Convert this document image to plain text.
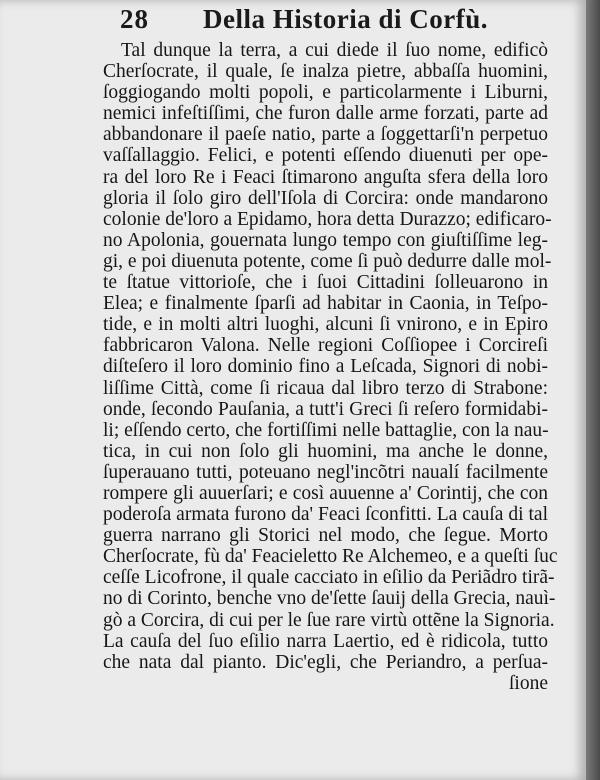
28 Della Historia di Corfù.
Tal dunque la terra, a cui diede il ſuo nome, edificò
Cherſocrate, il quale, ſe inalza pietre, abbaſſa huomini,
ſoggiogando molti popoli, e particolarmente i Liburni,
nemici infeſtiſſimi, che furon dalle arme forzati, parte ad
abbandonare il paeſe natio, parte a ſoggettarſi'n perpetuo
vaſſallaggio. Felici, e potenti eſſendo diuenuti per ope-
ra del loro Re i Feaci ſtimarono anguſta sfera della loro
gloria il ſolo giro dell'Iſola di Corcira: onde mandarono
colonie de'loro a Epidamo, hora detta Durazzo; edificaro-
no Apolonia, gouernata lungo tempo con giuſtiſſime leg-
gi, e poi diuenuta potente, come ſi può dedurre dalle mol-
te ſtatue vittorioſe, che i ſuoi Cittadini ſolleuarono in
Elea; e finalmente ſparſi ad habitar in Caonia, in Teſpo-
tide, e in molti altri luoghi, alcuni ſi vnirono, e in Epiro
fabbricaron Valona. Nelle regioni Coſſiopee i Corcireſi
diſteſero il loro dominio fino a Leſcada, Signori di nobi-
liſſime Città, come ſi ricaua dal libro terzo di Strabone:
onde, ſecondo Pauſania, a tutt'i Greci ſi reſero formidabi-
li; eſſendo certo, che fortiſſimi nelle battaglie, con la nau-
tica, in cui non ſolo gli huomini, ma anche le donne,
ſuperauano tutti, poteuano negl'incõtri naualí facilmente
rompere gli auuerſari; e così auuenne a' Corintij, che con
poderoſa armata furono da' Feaci ſconfitti. La cauſa di tal
guerra narrano gli Storici nel modo, che ſegue. Morto
Cherſocrate, fù da' Feacieletto Re Alchemeo, e a queſti ſuc
ceſſe Licofrone, il quale cacciato in eſilio da Periãdro tirã-
no di Corinto, benche vno de'ſette ſauij della Grecia, nauì-
gò a Corcira, di cui per le ſue rare virtù ottẽne la Signoria.
La cauſa del ſuo eſilio narra Laertio, ed è ridicola, tutto
che nata dal pianto. Dic'egli, che Periandro, a perſua-
ſione
